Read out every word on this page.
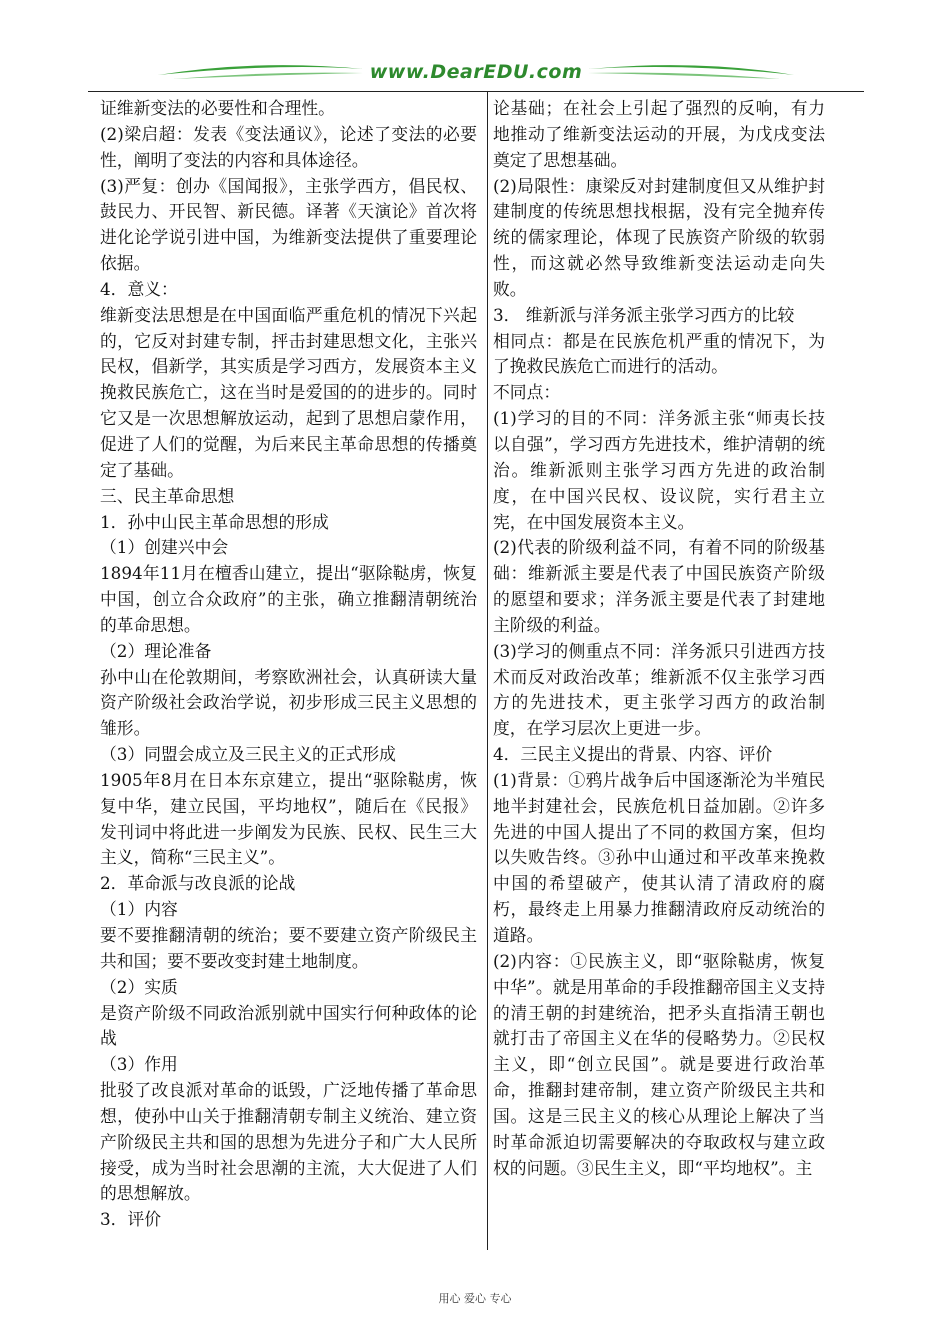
www.DearEDU.com

证维新变法的必要性和合理性。

(2)梁启超：发表《变法通议》，论述了变法的必要性，阐明了变法的内容和具体途径。

(3)严复：创办《国闻报》，主张学西方，倡民权、鼓民力、开民智、新民德。译著《天演论》首次将进化论学说引进中国，为维新变法提供了重要理论依据。

4．意义：

维新变法思想是在中国面临严重危机的情况下兴起的，它反对封建专制，抨击封建思想文化，主张兴民权，倡新学，其实质是学习西方，发展资本主义挽救民族危亡，这在当时是爱国的的进步的。同时它又是一次思想解放运动，起到了思想启蒙作用，促进了人们的觉醒，为后来民主革命思想的传播奠定了基础。

三、民主革命思想

1．孙中山民主革命思想的形成

（1）创建兴中会

1894年11月在檀香山建立，提出“驱除鞑虏，恢复中国，创立合众政府”的主张，确立推翻清朝统治的革命思想。

（2）理论准备

孙中山在伦敦期间，考察欧洲社会，认真研读大量资产阶级社会政治学说，初步形成三民主义思想的雏形。

（3）同盟会成立及三民主义的正式形成

1905年8月在日本东京建立，提出“驱除鞑虏，恢复中华，建立民国，平均地权”，随后在《民报》发刊词中将此进一步阐发为民族、民权、民生三大主义，简称“三民主义”。

2．革命派与改良派的论战

（1）内容

要不要推翻清朝的统治；要不要建立资产阶级民主共和国；要不要改变封建土地制度。

（2）实质

是资产阶级不同政治派别就中国实行何种政体的论战

（3）作用

批驳了改良派对革命的诋毁，广泛地传播了革命思想，使孙中山关于推翻清朝专制主义统治、建立资产阶级民主共和国的思想为先进分子和广大人民所接受，成为当时社会思潮的主流，大大促进了人们的思想解放。

3．评价

论基础；在社会上引起了强烈的反响，有力地推动了维新变法运动的开展，为戊戌变法奠定了思想基础。

(2)局限性：康梁反对封建制度但又从维护封建制度的传统思想找根据，没有完全抛弃传统的儒家理论，体现了民族资产阶级的软弱性，而这就必然导致维新变法运动走向失败。

3． 维新派与洋务派主张学习西方的比较

相同点：都是在民族危机严重的情况下，为了挽救民族危亡而进行的活动。

不同点：

(1)学习的目的不同：洋务派主张“师夷长技以自强”，学习西方先进技术，维护清朝的统治。维新派则主张学习西方先进的政治制度，在中国兴民权、设议院，实行君主立宪，在中国发展资本主义。

(2)代表的阶级利益不同，有着不同的阶级基础：维新派主要是代表了中国民族资产阶级的愿望和要求；洋务派主要是代表了封建地主阶级的利益。

(3)学习的侧重点不同：洋务派只引进西方技术而反对政治改革；维新派不仅主张学习西方的先进技术，更主张学习西方的政治制度，在学习层次上更进一步。

4．三民主义提出的背景、内容、评价

(1)背景：①鸦片战争后中国逐渐沦为半殖民地半封建社会，民族危机日益加剧。②许多先进的中国人提出了不同的救国方案，但均以失败告终。③孙中山通过和平改革来挽救中国的希望破产，使其认清了清政府的腐朽，最终走上用暴力推翻清政府反动统治的道路。

(2)内容：①民族主义，即“驱除鞑虏，恢复中华”。就是用革命的手段推翻帝国主义支持的清王朝的封建统治，把矛头直指清王朝也就打击了帝国主义在华的侵略势力。②民权主义，即“创立民国”。就是要进行政治革命，推翻封建帝制，建立资产阶级民主共和国。这是三民主义的核心从理论上解决了当时革命派迫切需要解决的夺取政权与建立政权的问题。③民生主义，即“平均地权”。主

用心 爱心 专心
